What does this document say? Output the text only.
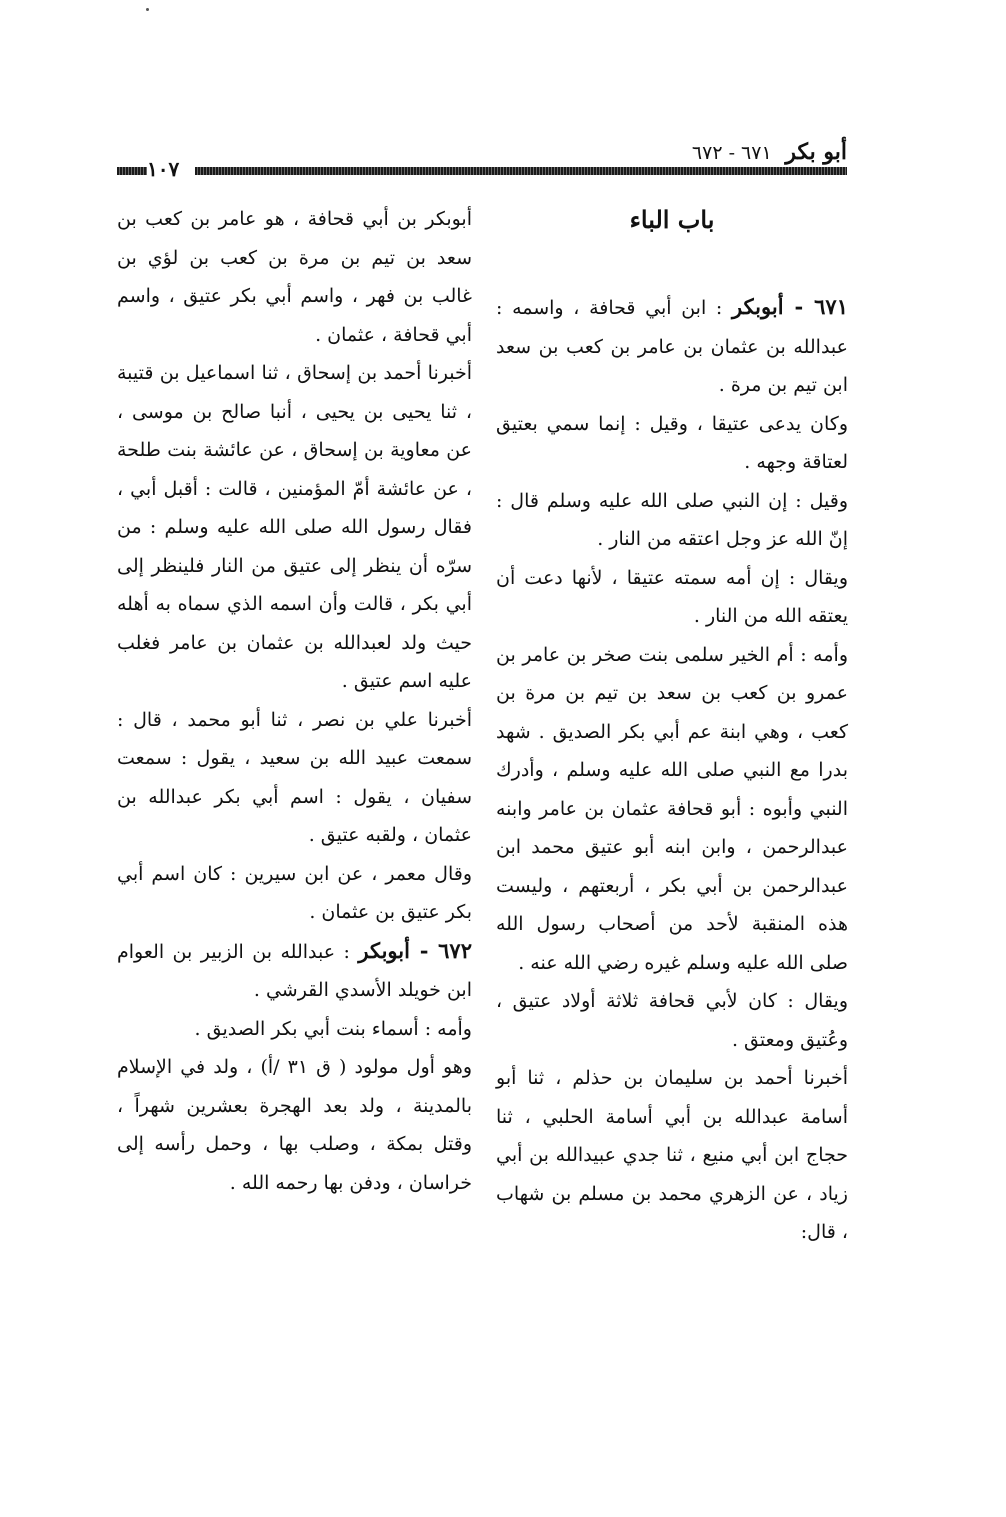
أبو بكر ٦٧١ - ٦٧٢
١٠٧
باب الباء

٦٧١ - أبوبكر : ابن أبي قحافة ، واسمه : عبدالله بن عثمان بن عامر بن كعب بن سعد ابن تيم بن مرة .

وكان يدعى عتيقا ، وقيل : إنما سمي بعتيق لعتاقة وجهه .

وقيل : إن النبي صلى الله عليه وسلم قال : إنّ الله عز وجل اعتقه من النار .

ويقال : إن أمه سمته عتيقا ، لأنها دعت أن يعتقه الله من النار .

وأمه : أم الخير سلمى بنت صخر بن عامر بن عمرو بن كعب بن سعد بن تيم بن مرة بن كعب ، وهي ابنة عم أبي بكر الصديق . شهد بدرا مع النبي صلى الله عليه وسلم ، وأدرك النبي وأبوه : أبو قحافة عثمان بن عامر وابنه عبدالرحمن ، وابن ابنه أبو عتيق محمد ابن عبدالرحمن بن أبي بكر ، أربعتهم ، وليست هذه المنقبة لأحد من أصحاب رسول الله صلى الله عليه وسلم غيره رضي الله عنه .

ويقال : كان لأبي قحافة ثلاثة أولاد عتيق ، وعُتيق ومعتق .

أخبرنا أحمد بن سليمان بن حذلم ، ثنا أبو أسامة عبدالله بن أبي أسامة الحلبي ، ثنا حجاج ابن أبي منيع ، ثنا جدي عبيدالله بن أبي زياد ، عن الزهري محمد بن مسلم بن شهاب ، قال:

أبوبكر بن أبي قحافة ، هو عامر بن كعب بن سعد بن تيم بن مرة بن كعب بن لؤي بن غالب بن فهر ، واسم أبي بكر عتيق ، واسم أبي قحافة ، عثمان .

أخبرنا أحمد بن إسحاق ، ثنا اسماعيل بن قتيبة ، ثنا يحيى بن يحيى ، أنبا صالح بن موسى ، عن معاوية بن إسحاق ، عن عائشة بنت طلحة ، عن عائشة أمّ المؤمنين ، قالت : أقبل أبي ، فقال رسول الله صلى الله عليه وسلم : من سرّه أن ينظر إلى عتيق من النار فلينظر إلى أبي بكر ، قالت وأن اسمه الذي سماه به أهله حيث ولد لعبدالله بن عثمان بن عامر فغلب عليه اسم عتيق .

أخبرنا علي بن نصر ، ثنا أبو محمد ، قال : سمعت عبيد الله بن سعيد ، يقول : سمعت سفيان ، يقول : اسم أبي بكر عبدالله بن عثمان ، ولقبه عتيق .

وقال معمر ، عن ابن سيرين : كان اسم أبي بكر عتيق بن عثمان .

٦٧٢ - أبوبكر : عبدالله بن الزبير بن العوام ابن خويلد الأسدي القرشي .

وأمه : أسماء بنت أبي بكر الصديق .

وهو أول مولود ( ق ٣١ /أ) ، ولد في الإسلام بالمدينة ، ولد بعد الهجرة بعشرين شهراً ، وقتل بمكة ، وصلب بها ، وحمل رأسه إلى خراسان ، ودفن بها رحمه الله .
